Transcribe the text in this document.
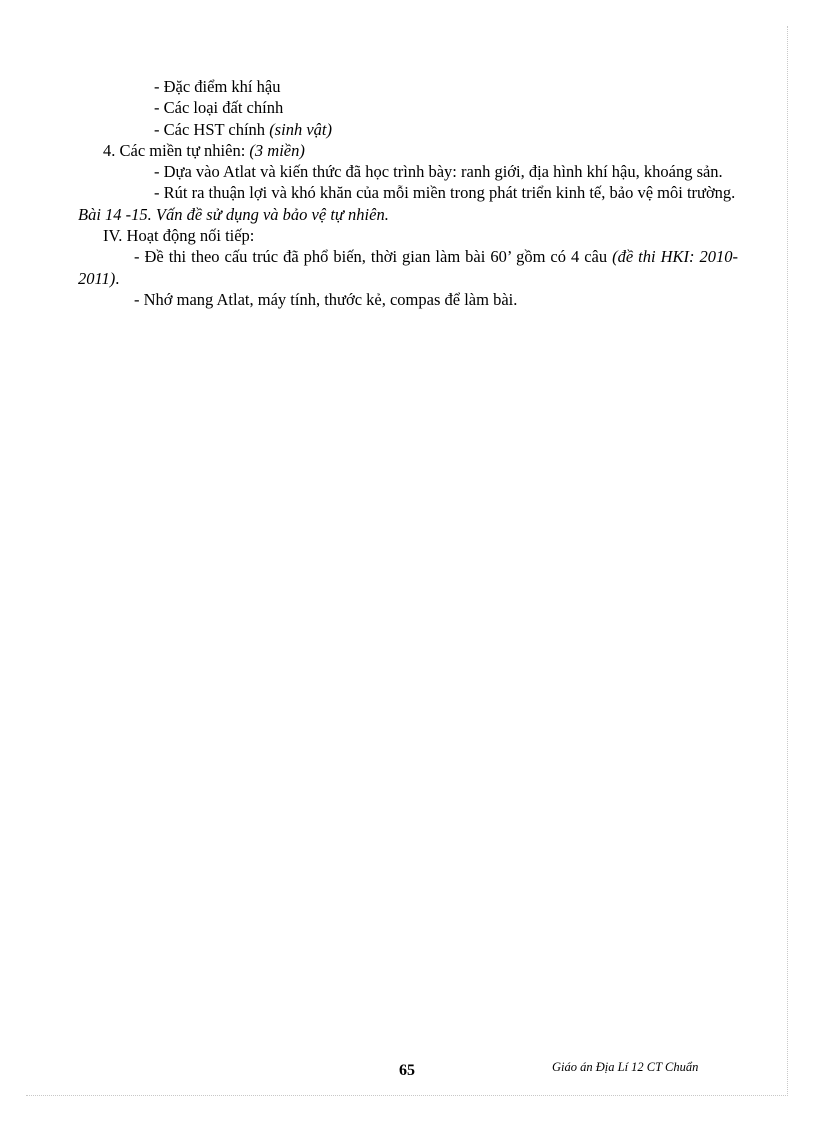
- Đặc điểm khí hậu

- Các loại đất chính

- Các HST chính (sinh vật)

4. Các miền tự nhiên: (3 miền)

- Dựa vào Atlat và kiến thức đã học trình bày: ranh giới, địa hình khí hậu, khoáng sản.

- Rút ra thuận lợi và khó khăn của mỗi miền trong phát triển kinh tế, bảo vệ môi trường.

Bài 14 -15. Vấn đề sử dụng và bảo vệ tự nhiên.

IV. Hoạt động nối tiếp:

- Đề thi theo cấu trúc đã phổ biến, thời gian làm bài 60’ gồm có 4 câu (đề thi HKI: 2010-2011).

- Nhớ mang Atlat, máy tính, thước kẻ, compas để làm bài.

65	Giáo án Địa Lí 12 CT Chuẩn
